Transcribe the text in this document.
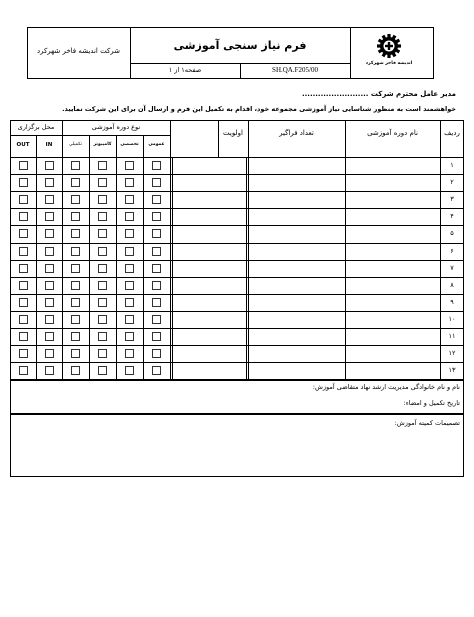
فرم نیاز سنجی آموزشی
شرکت اندیشه فاخر شهرکرد
SH.QA.F205/00
صفحه۱ از ۱
اندیشه فاخر شهرکرد
مدیر عامل محترم شرکت .........................
خواهشمند است به منظور شناسایی نیاز آموزشی مجموعه خود، اقدام به تکمیل این فرم و ارسال آن برای این شرکت نمایید.
ردیف
نام دوره آموزشی
تعداد فراگیر
اولویت
نوع دوره آموزشی
محل برگزاری
عمومی
تخصصی
کامپیوتر
تکمیلی
IN
OUT
۱
۲
۳
۴
۵
۶
۷
۸
۹
۱۰
۱۱
۱۲
۱۳
نام و نام خانوادگی مدیریت ارشد نهاد متقاضی آموزش:
تاریخ تکمیل و امضاء:
تصمیمات کمیته آموزش:
